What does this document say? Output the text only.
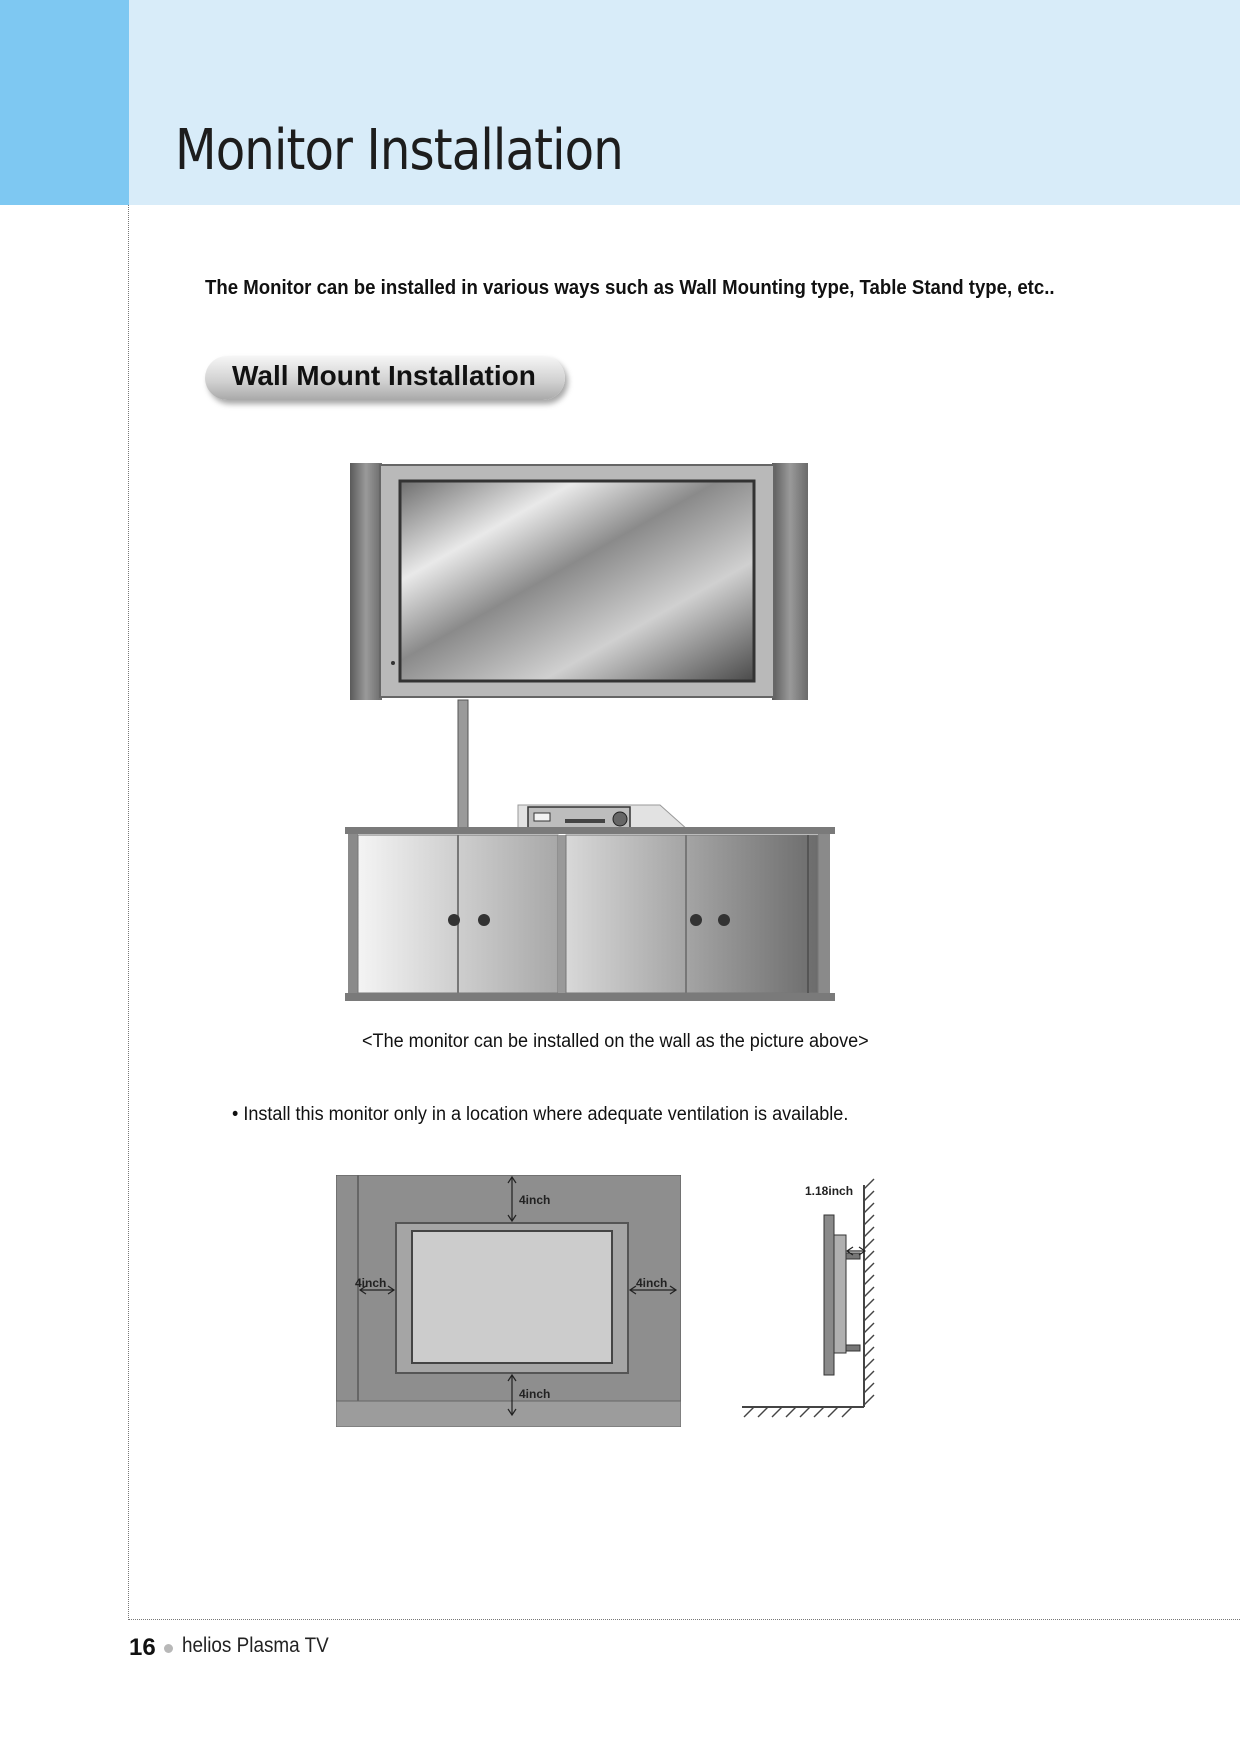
Monitor Installation
The Monitor can be installed in various ways such as Wall Mounting type, Table Stand type, etc..
Wall Mount Installation
<The monitor can be installed on the wall as the picture above>
• Install this monitor only in a location where adequate ventilation is available.
4inch
4inch	4inch
4inch
1.18inch
16 helios Plasma TV
